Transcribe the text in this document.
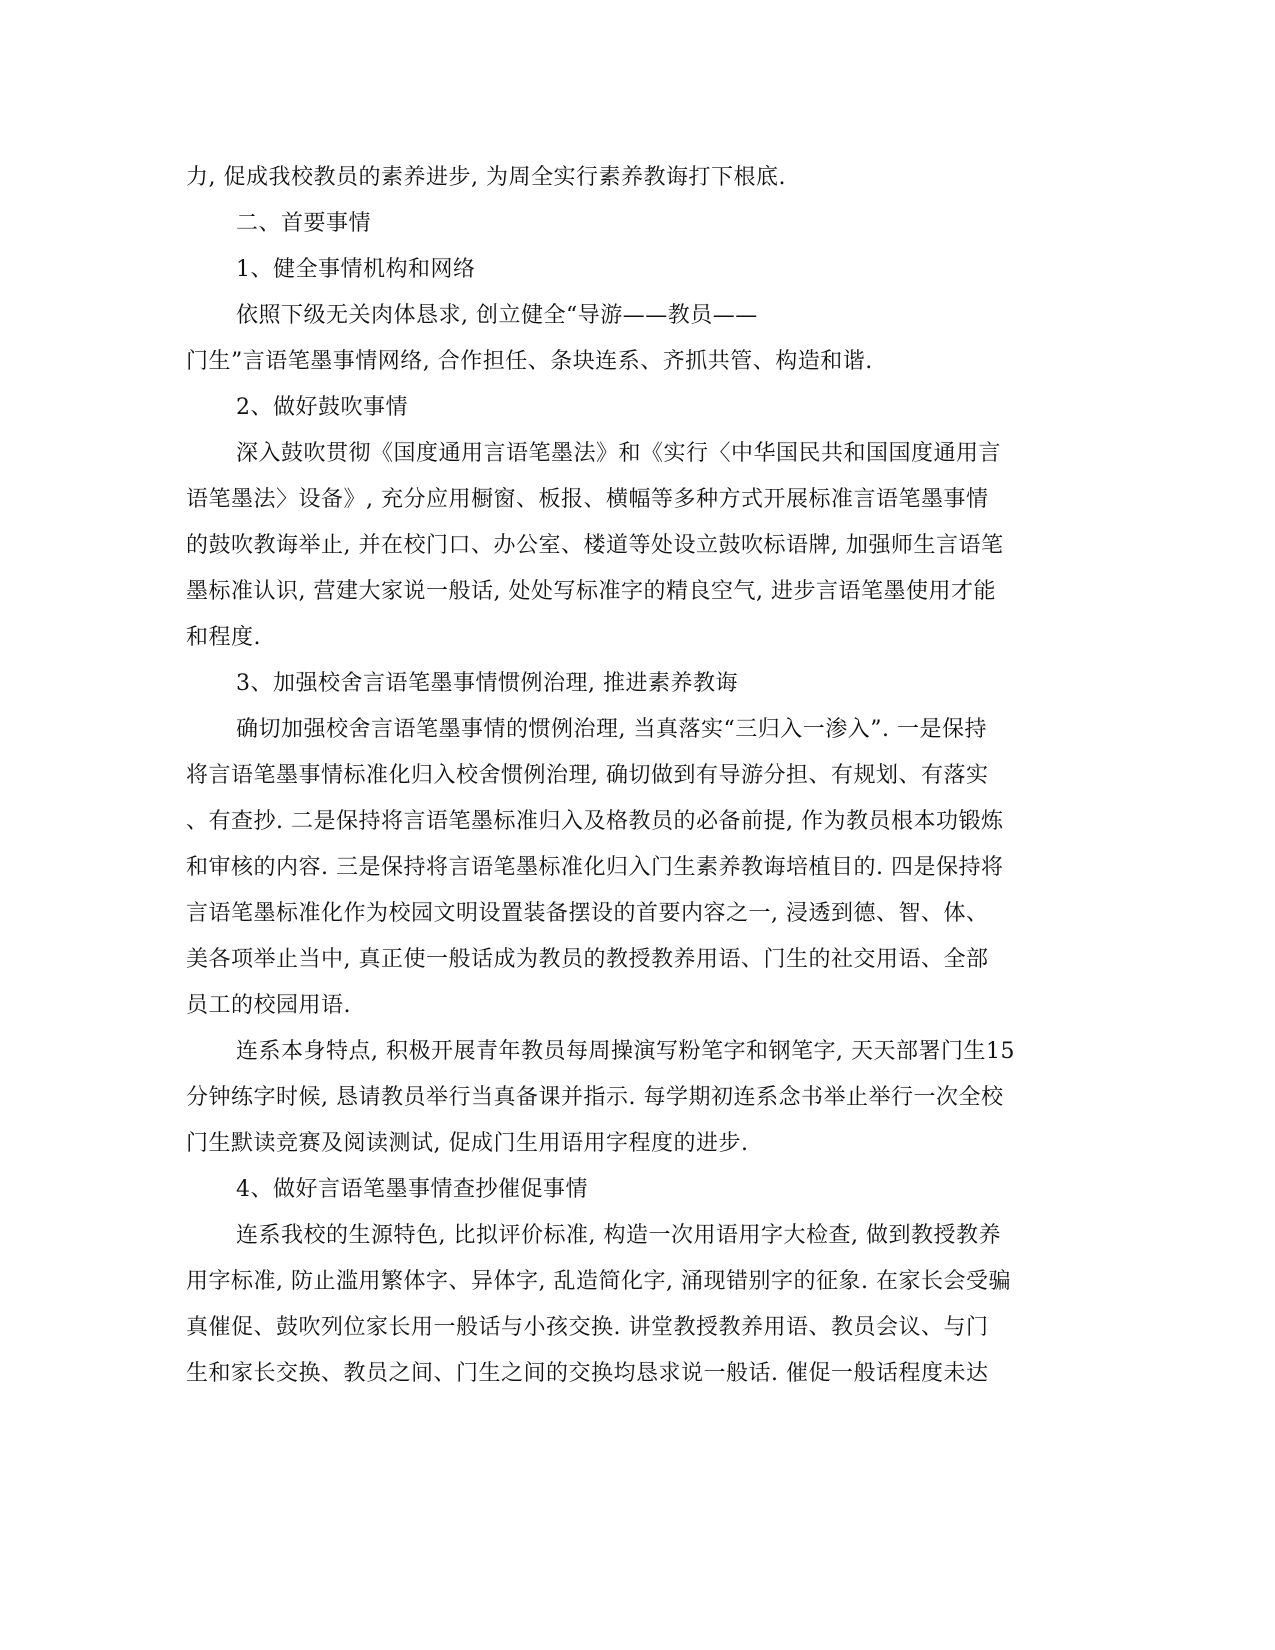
力, 促成我校教员的素养进步, 为周全实行素养教诲打下根底.
二、首要事情
1、健全事情机构和网络
依照下级无关肉体恳求, 创立健全“导游——教员——
门生”言语笔墨事情网络, 合作担任、条块连系、齐抓共管、构造和谐.
2、做好鼓吹事情
深入鼓吹贯彻《国度通用言语笔墨法》和《实行〈中华国民共和国国度通用言
语笔墨法〉设备》, 充分应用橱窗、板报、横幅等多种方式开展标准言语笔墨事情
的鼓吹教诲举止, 并在校门口、办公室、楼道等处设立鼓吹标语牌, 加强师生言语笔
墨标准认识, 营建大家说一般话, 处处写标准字的精良空气, 进步言语笔墨使用才能
和程度.
3、加强校舍言语笔墨事情惯例治理, 推进素养教诲
确切加强校舍言语笔墨事情的惯例治理, 当真落实“三归入一渗入”. 一是保持
将言语笔墨事情标准化归入校舍惯例治理, 确切做到有导游分担、有规划、有落实
、有查抄. 二是保持将言语笔墨标准归入及格教员的必备前提, 作为教员根本功锻炼
和审核的内容. 三是保持将言语笔墨标准化归入门生素养教诲培植目的. 四是保持将
言语笔墨标准化作为校园文明设置装备摆设的首要内容之一, 浸透到德、智、体、
美各项举止当中, 真正使一般话成为教员的教授教养用语、门生的社交用语、全部
员工的校园用语.
连系本身特点, 积极开展青年教员每周操演写粉笔字和钢笔字, 天天部署门生15
分钟练字时候, 恳请教员举行当真备课并指示. 每学期初连系念书举止举行一次全校
门生默读竞赛及阅读测试, 促成门生用语用字程度的进步.
4、做好言语笔墨事情查抄催促事情
连系我校的生源特色, 比拟评价标准, 构造一次用语用字大检查, 做到教授教养
用字标准, 防止滥用繁体字、异体字, 乱造简化字, 涌现错别字的征象. 在家长会受骗
真催促、鼓吹列位家长用一般话与小孩交换. 讲堂教授教养用语、教员会议、与门
生和家长交换、教员之间、门生之间的交换均恳求说一般话. 催促一般话程度未达
